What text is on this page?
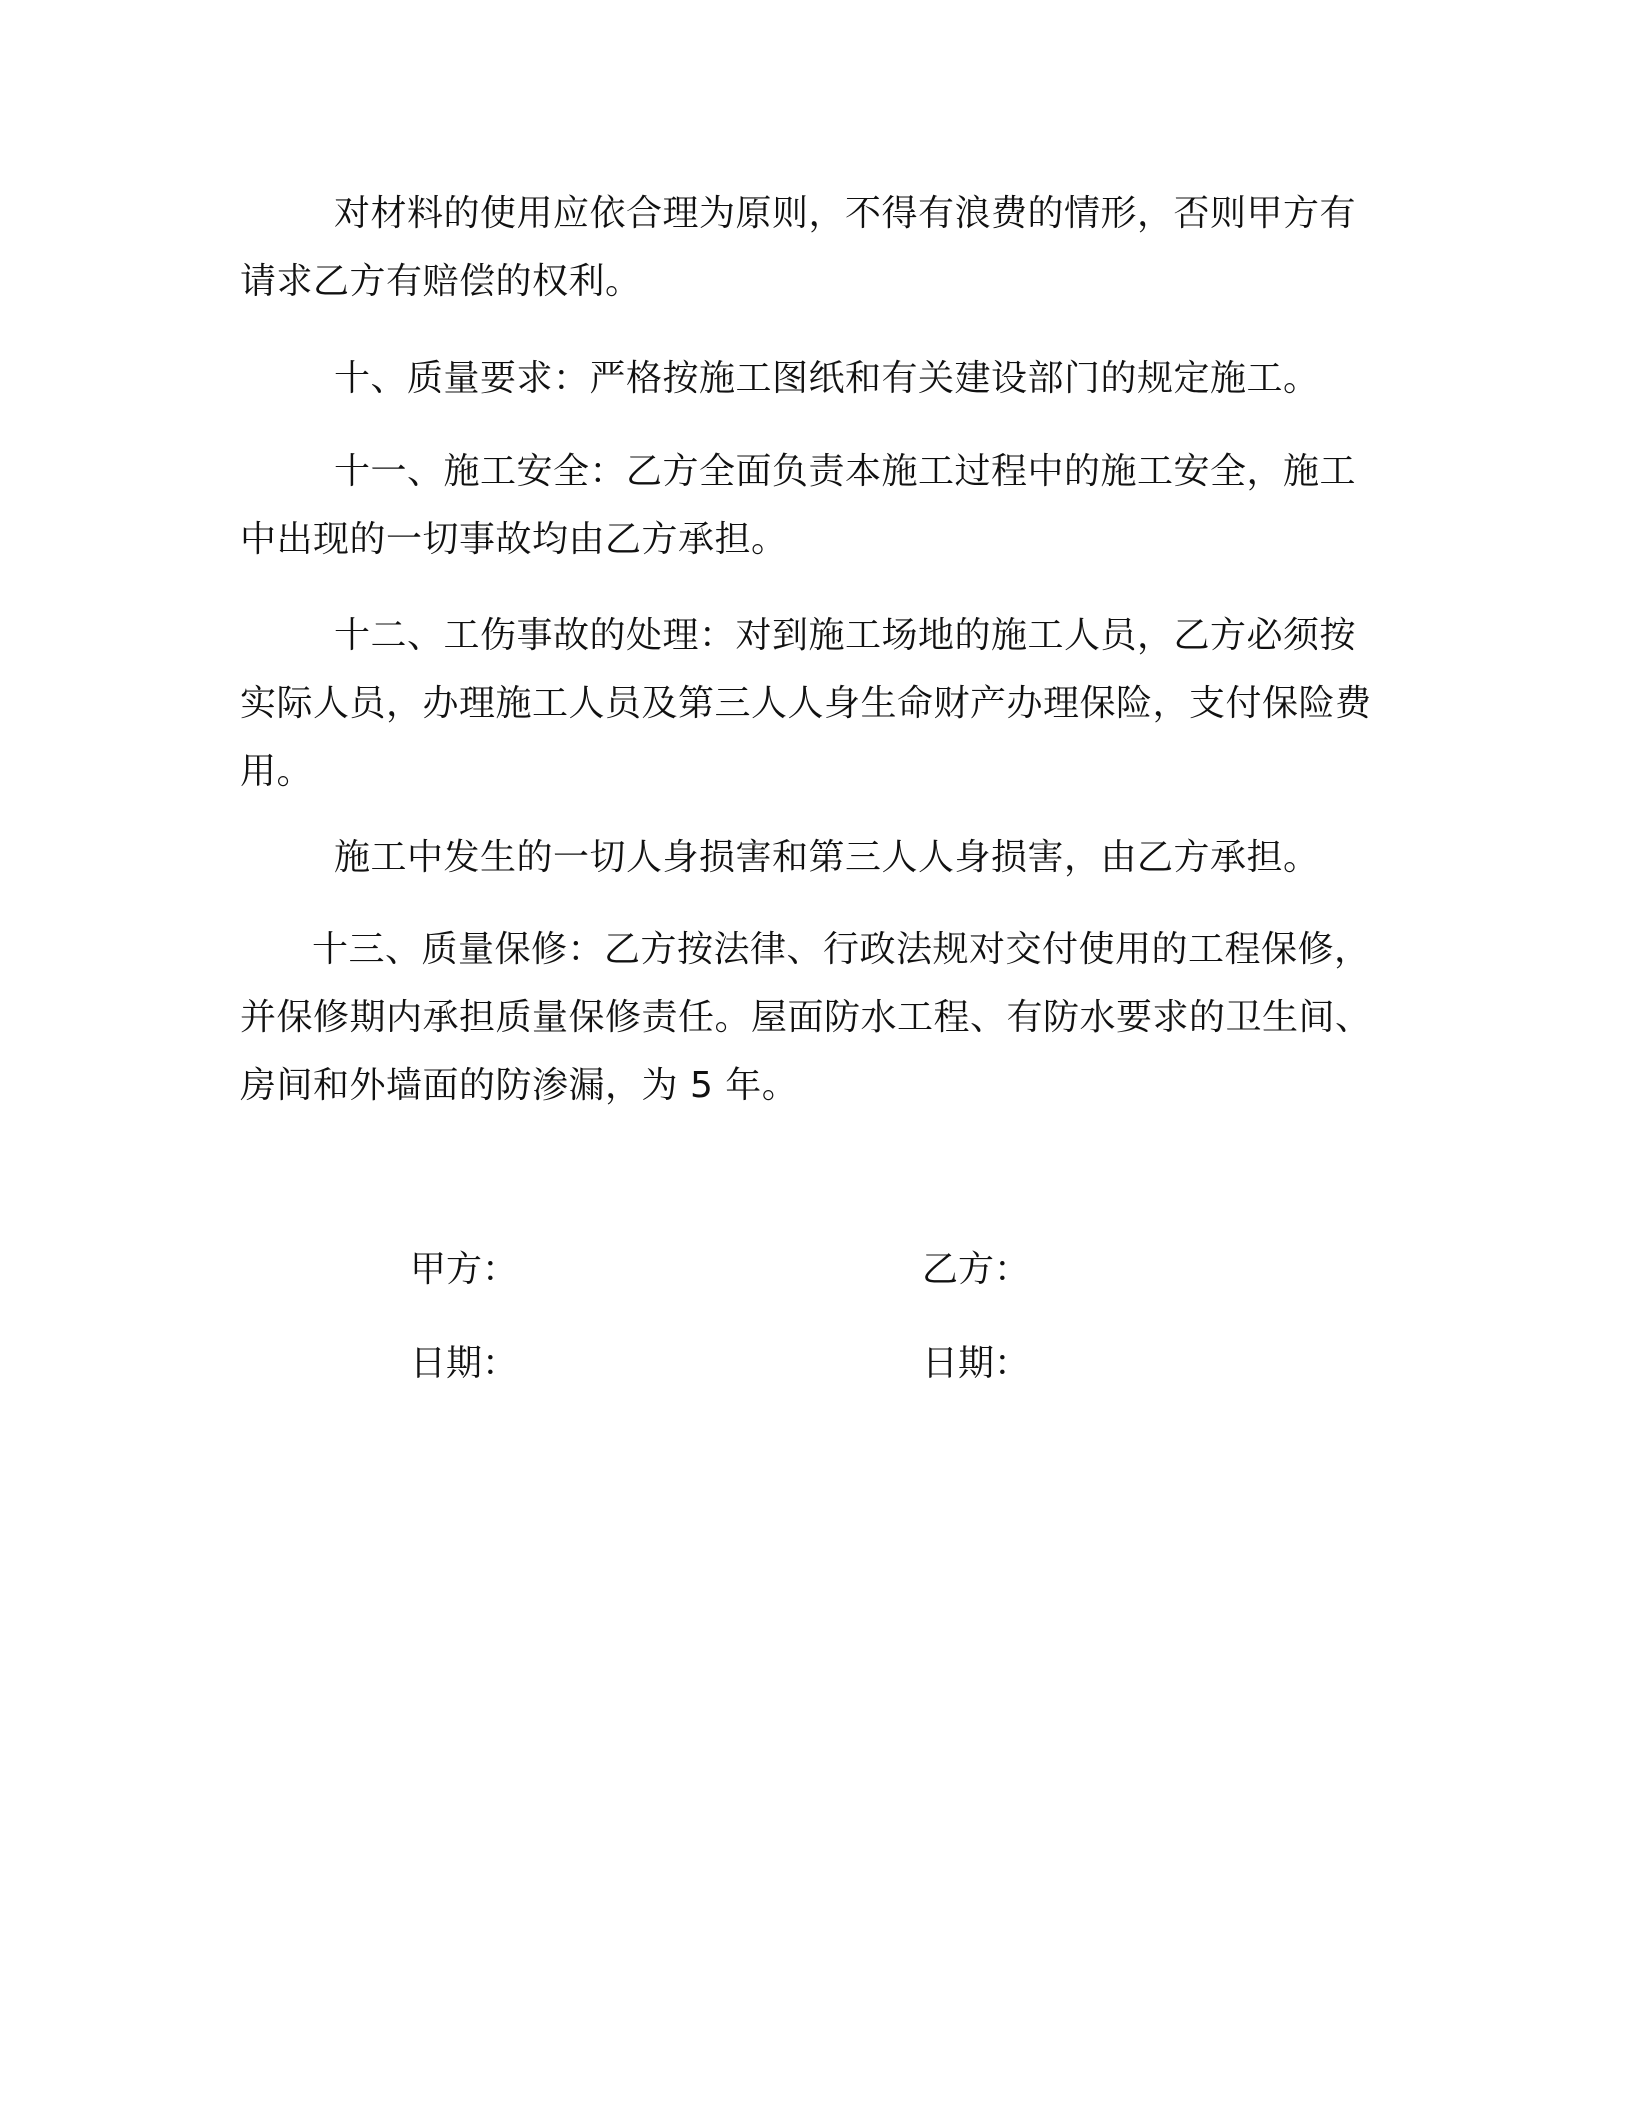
对材料的使用应依合理为原则，不得有浪费的情形，否则甲方有请求乙方有赔偿的权利。

十、质量要求：严格按施工图纸和有关建设部门的规定施工。

十一、施工安全：乙方全面负责本施工过程中的施工安全，施工中出现的一切事故均由乙方承担。

十二、工伤事故的处理：对到施工场地的施工人员，乙方必须按实际人员，办理施工人员及第三人人身生命财产办理保险，支付保险费用。

施工中发生的一切人身损害和第三人人身损害，由乙方承担。

十三、质量保修：乙方按法律、行政法规对交付使用的工程保修，并保修期内承担质量保修责任。屋面防水工程、有防水要求的卫生间、房间和外墙面的防渗漏，为 5 年。

甲方：	乙方：
日期：	日期：
